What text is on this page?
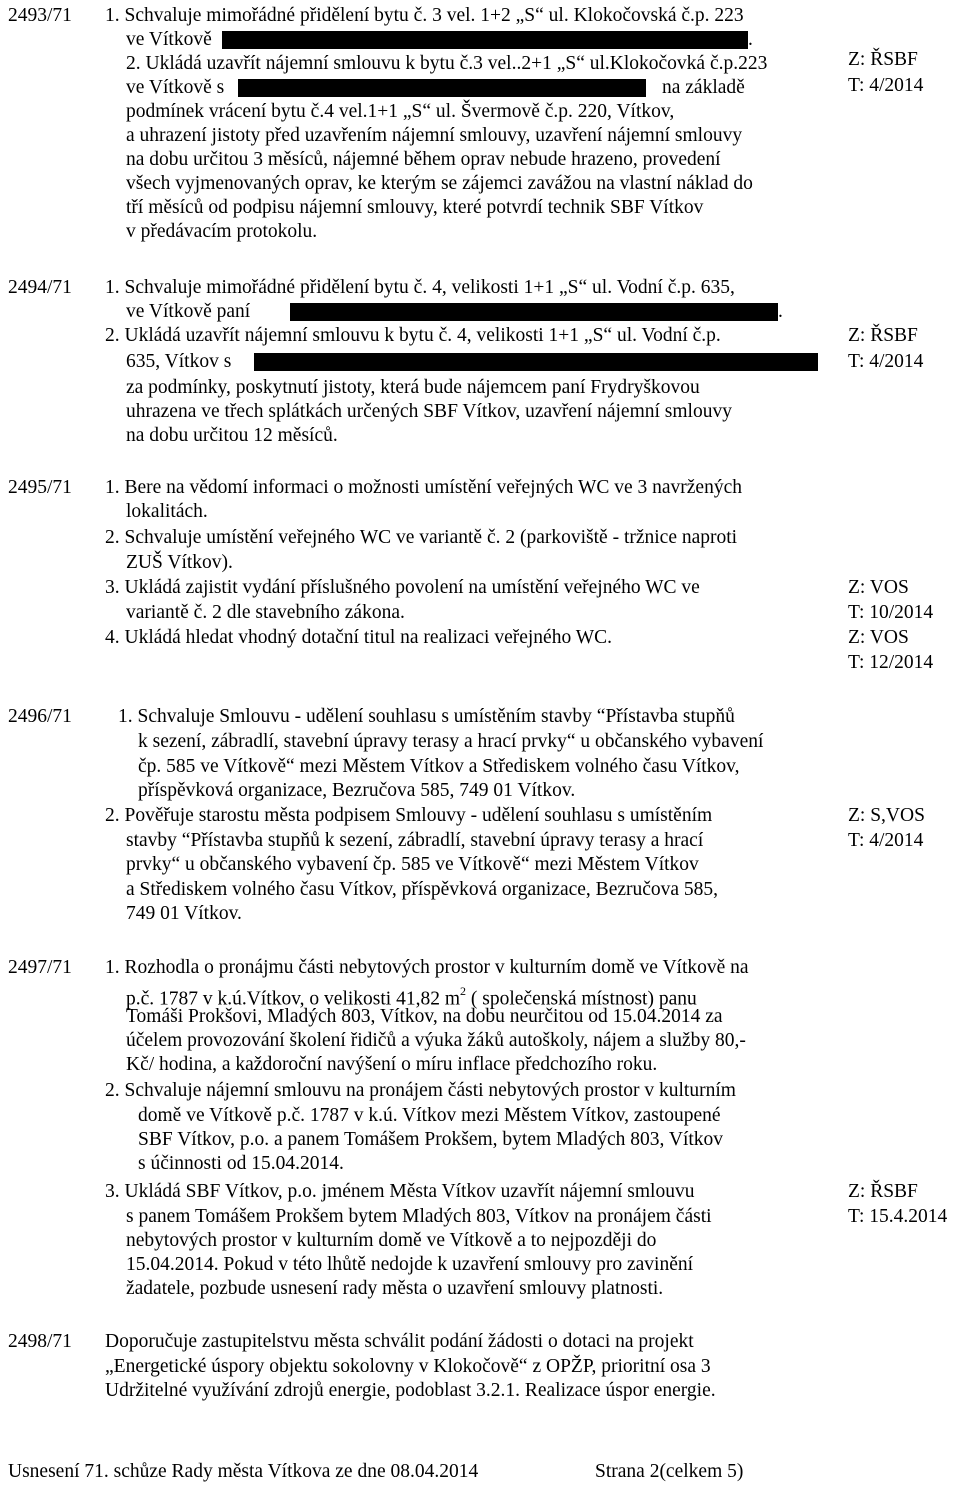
2493/71 1. Schvaluje mimořádné přidělení bytu č. 3 vel. 1+2 „S“ ul. Klokočovská č.p. 223
ve Vítkově	.
2. Ukládá uzavřít nájemní smlouvu k bytu č.3 vel..2+1 „S“ ul.Klokočovká č.p.223
ve Vítkově s	na základě
podmínek vrácení bytu č.4 vel.1+1 „S“ ul. Švermově č.p. 220, Vítkov,
a uhrazení jistoty před uzavřením nájemní smlouvy, uzavření nájemní smlouvy
na dobu určitou 3 měsíců, nájemné během oprav nebude hrazeno, provedení
všech vyjmenovaných oprav, ke kterým se zájemci zavážou na vlastní náklad do
tří měsíců od podpisu nájemní smlouvy, které potvrdí technik SBF Vítkov
v předávacím protokolu.
Z: ŘSBF
T: 4/2014
2494/71 1. Schvaluje mimořádné přidělení bytu č. 4, velikosti 1+1 „S“ ul. Vodní č.p. 635,
ve Vítkově paní	.
2. Ukládá uzavřít nájemní smlouvu k bytu č. 4, velikosti 1+1 „S“ ul. Vodní č.p.
635, Vítkov s
za podmínky, poskytnutí jistoty, která bude nájemcem paní Frydryškovou
uhrazena ve třech splátkách určených SBF Vítkov, uzavření nájemní smlouvy
na dobu určitou 12 měsíců.
Z: ŘSBF
T: 4/2014
2495/71 1. Bere na vědomí informaci o možnosti umístění veřejných WC ve 3 navržených
lokalitách.
2. Schvaluje umístění veřejného WC ve variantě č. 2 (parkoviště - tržnice naproti
ZUŠ Vítkov).
3. Ukládá zajistit vydání příslušného povolení na umístění veřejného WC ve
variantě č. 2 dle stavebního zákona.
4. Ukládá hledat vhodný dotační titul na realizaci veřejného WC.
Z: VOS
T: 10/2014
Z: VOS
T: 12/2014
2496/71 1. Schvaluje Smlouvu - udělení souhlasu s umístěním stavby “Přístavba stupňů
k sezení, zábradlí, stavební úpravy terasy a hrací prvky“ u občanského vybavení
čp. 585 ve Vítkově“ mezi Městem Vítkov a Střediskem volného času Vítkov,
příspěvková organizace, Bezručova 585, 749 01 Vítkov.
2. Pověřuje starostu města podpisem Smlouvy - udělení souhlasu s umístěním
stavby “Přístavba stupňů k sezení, zábradlí, stavební úpravy terasy a hrací
prvky“ u občanského vybavení čp. 585 ve Vítkově“ mezi Městem Vítkov
a Střediskem volného času Vítkov, příspěvková organizace, Bezručova 585,
749 01 Vítkov.
Z: S,VOS
T: 4/2014
2497/71 1. Rozhodla o pronájmu části nebytových prostor v kulturním domě ve Vítkově na
p.č. 1787 v k.ú.Vítkov, o velikosti 41,82 $m^2$ ( společenská místnost) panu
Tomáši Prokšovi, Mladých 803, Vítkov, na dobu neurčitou od 15.04.2014 za
účelem provozování školení řidičů a výuka žáků autoškoly, nájem a služby 80,-
Kč/ hodina, a každoroční navýšení o míru inflace předchozího roku.
2. Schvaluje nájemní smlouvu na pronájem části nebytových prostor v kulturním
domě ve Vítkově p.č. 1787 v k.ú. Vítkov mezi Městem Vítkov, zastoupené
SBF Vítkov, p.o. a panem Tomášem Prokšem, bytem Mladých 803, Vítkov
s účinnosti od 15.04.2014.
3. Ukládá SBF Vítkov, p.o. jménem Města Vítkov uzavřít nájemní smlouvu
s panem Tomášem Prokšem bytem Mladých 803, Vítkov na pronájem části
nebytových prostor v kulturním domě ve Vítkově a to nejpozději do
15.04.2014. Pokud v této lhůtě nedojde k uzavření smlouvy pro zavinění
žadatele, pozbude usnesení rady města o uzavření smlouvy platnosti.
Z: ŘSBF
T: 15.4.2014
2498/71 Doporučuje zastupitelstvu města schválit podání žádosti o dotaci na projekt
„Energetické úspory objektu sokolovny v Klokočově“ z OPŽP, prioritní osa 3
Udržitelné využívání zdrojů energie, podoblast 3.2.1. Realizace úspor energie.
Usnesení 71. schůze Rady města Vítkova ze dne 08.04.2014	Strana 2(celkem 5)
